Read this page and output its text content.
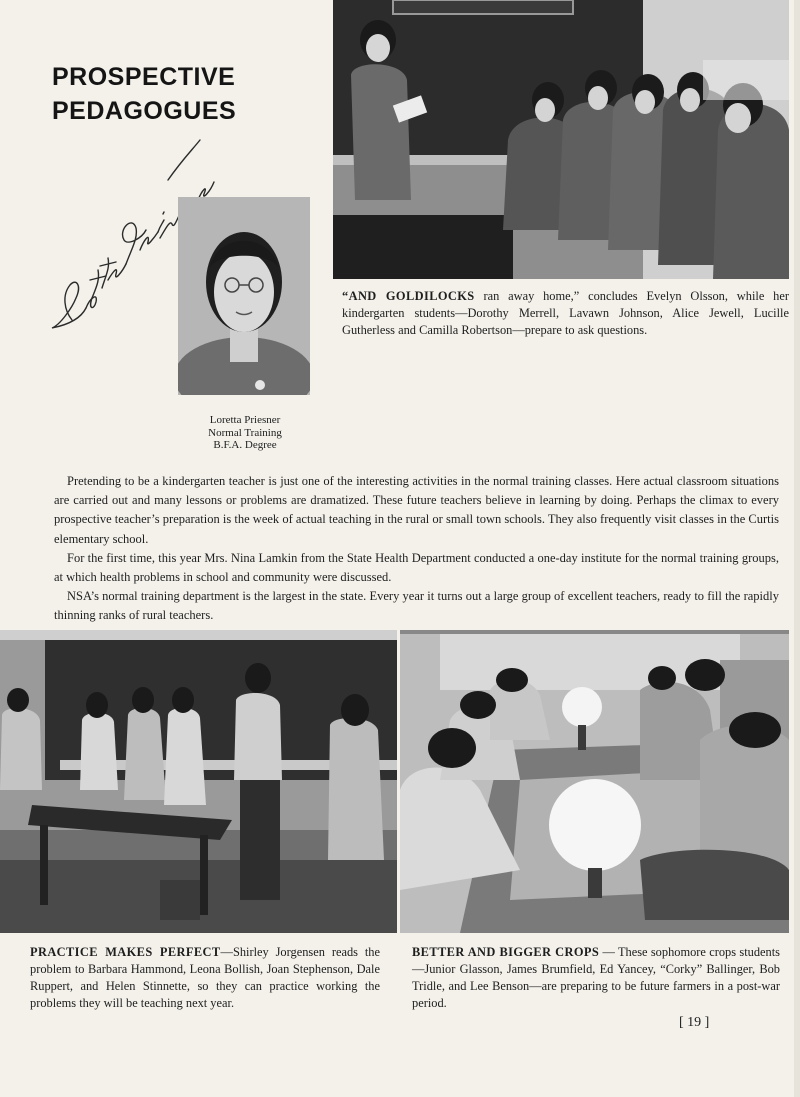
PROSPECTIVE
PEDAGOGUES
Loretta Priesner
Normal Training
B.F.A. Degree
“AND GOLDILOCKS ran away home,” concludes Evelyn Olsson, while her kindergarten students—Dorothy Merrell, Lavawn Johnson, Alice Jewell, Lucille Gutherless and Camilla Robertson—prepare to ask questions.

Pretending to be a kindergarten teacher is just one of the interesting activities in the normal training classes. Here actual classroom situations are carried out and many lessons or problems are dramatized. These future teachers believe in learning by doing. Perhaps the climax to every prospective teacher’s preparation is the week of actual teaching in the rural or small town schools. They also frequently visit classes in the Curtis elementary school.

For the first time, this year Mrs. Nina Lamkin from the State Health Department conducted a one-day institute for the normal training groups, at which health problems in school and community were discussed.

NSA’s normal training department is the largest in the state. Every year it turns out a large group of excellent teachers, ready to fill the rapidly thinning ranks of rural teachers.

PRACTICE MAKES PERFECT—Shirley Jorgensen reads the problem to Barbara Hammond, Leona Bollish, Joan Stephenson, Dale Ruppert, and Helen Stinnette, so they can practice working the problems they will be teaching next year.
BETTER AND BIGGER CROPS — These sophomore crops students—Junior Glasson, James Brumfield, Ed Yancey, “Corky” Ballinger, Bob Tridle, and Lee Benson—are preparing to be future farmers in a post-war period.
[ 19 ]
